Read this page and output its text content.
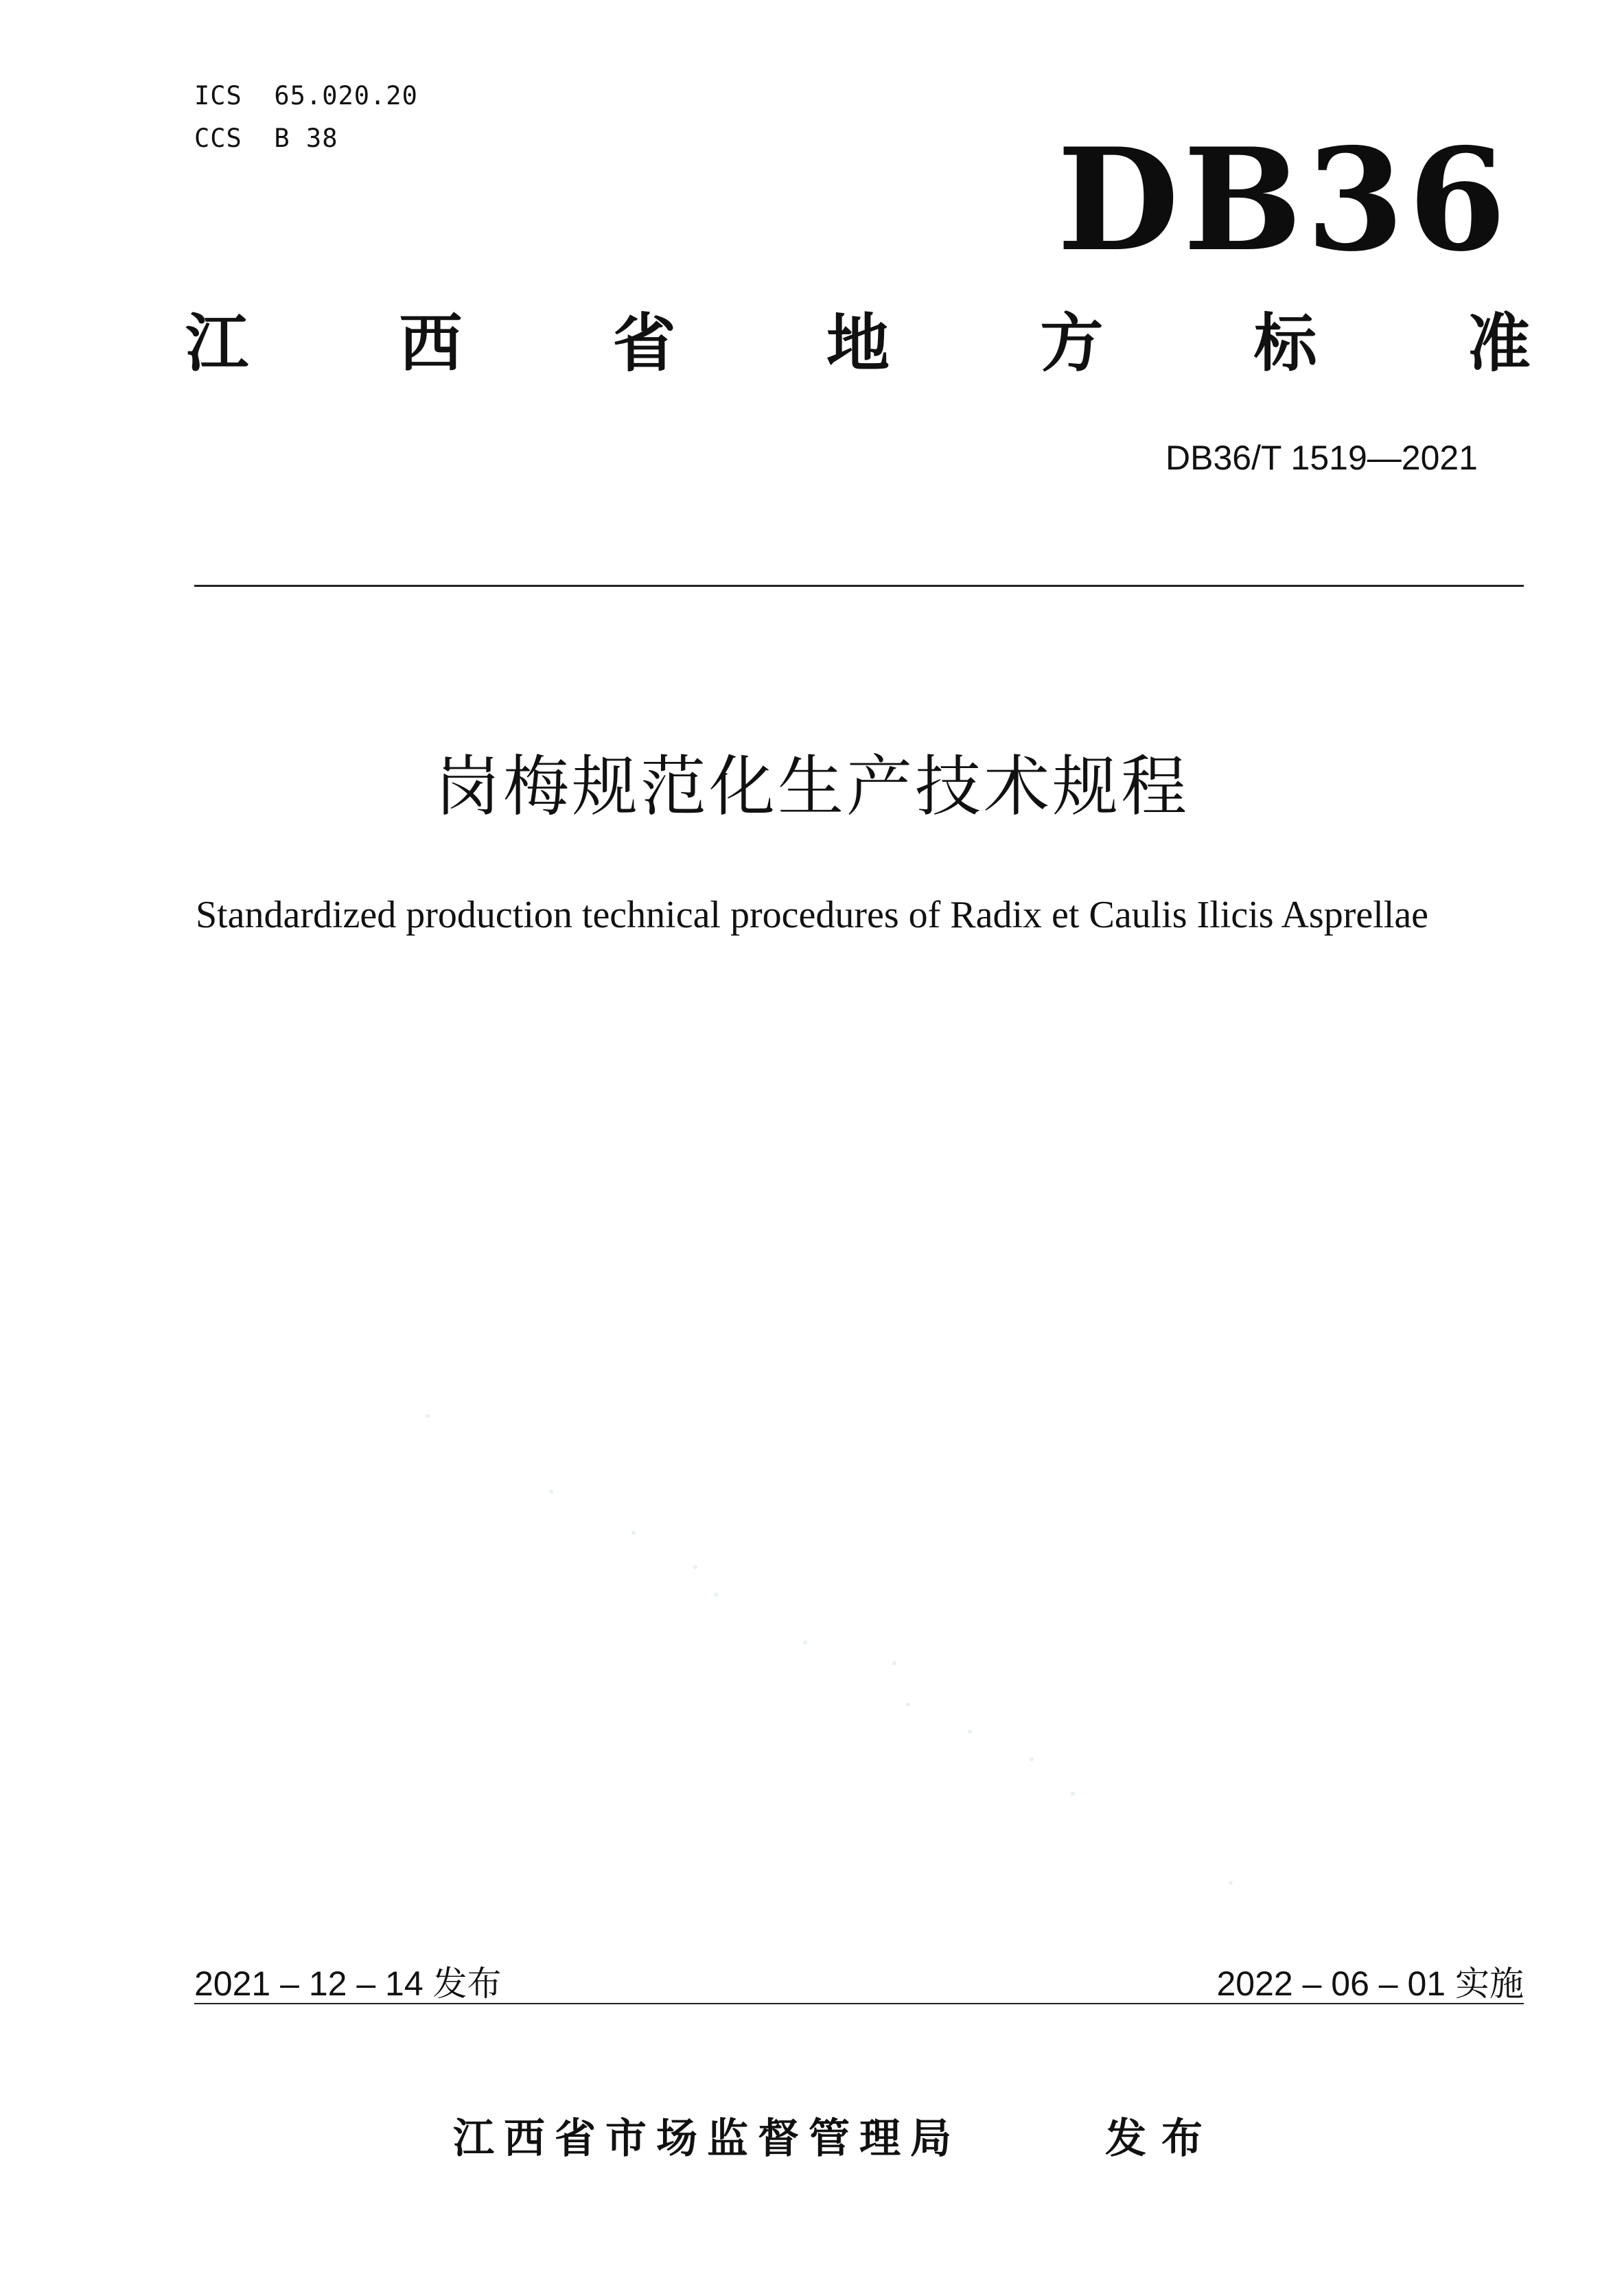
ICS  65.020.20
CCS  B 38	DB36
江 西 省 地 方 标 准
DB36/T 1519—2021
岗梅规范化生产技术规程
Standardized production technical procedures of Radix et Caulis Ilicis Asprellae
2021 – 12 – 14 发布	2022 – 06 – 01 实施
江西省市场监督管理局	发布
